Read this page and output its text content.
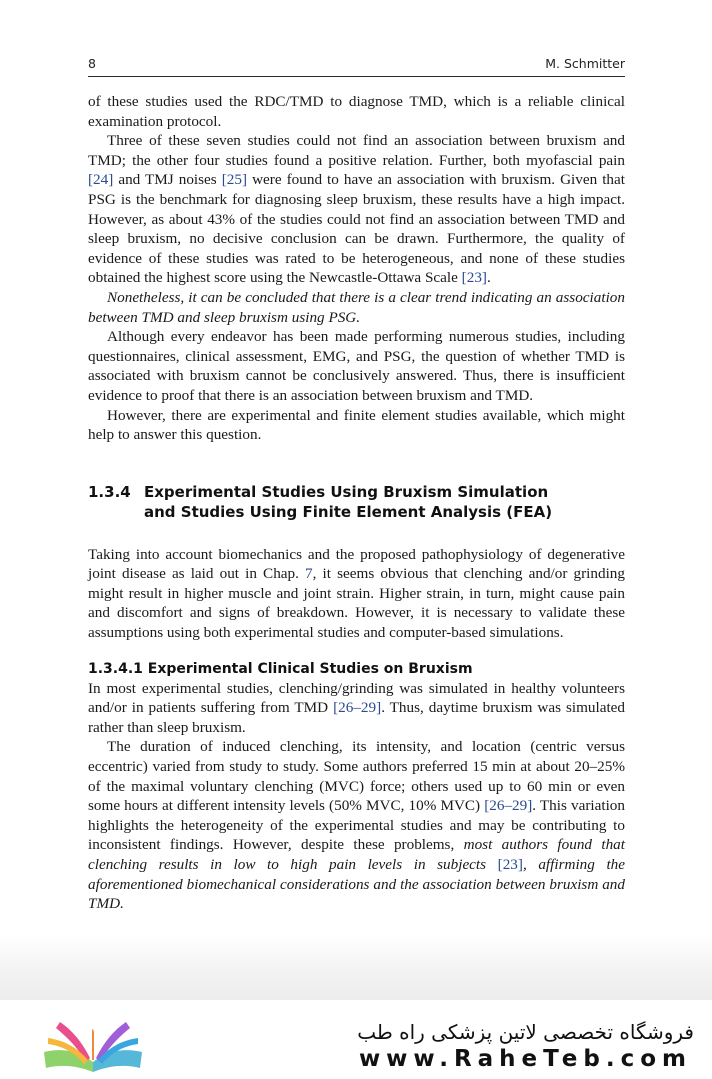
8	M. Schmitter

of these studies used the RDC/TMD to diagnose TMD, which is a reliable clinical examination protocol.

Three of these seven studies could not find an association between bruxism and TMD; the other four studies found a positive relation. Further, both myofascial pain [24] and TMJ noises [25] were found to have an association with bruxism. Given that PSG is the benchmark for diagnosing sleep bruxism, these results have a high impact. However, as about 43% of the studies could not find an association between TMD and sleep bruxism, no decisive conclusion can be drawn. Furthermore, the quality of evidence of these studies was rated to be heterogeneous, and none of these studies obtained the highest score using the Newcastle-Ottawa Scale [23].

Nonetheless, it can be concluded that there is a clear trend indicating an association between TMD and sleep bruxism using PSG.

Although every endeavor has been made performing numerous studies, including questionnaires, clinical assessment, EMG, and PSG, the question of whether TMD is associated with bruxism cannot be conclusively answered. Thus, there is insufficient evidence to proof that there is an association between bruxism and TMD.

However, there are experimental and finite element studies available, which might help to answer this question.

1.3.4 Experimental Studies Using Bruxism Simulation
and Studies Using Finite Element Analysis (FEA)

Taking into account biomechanics and the proposed pathophysiology of degenerative joint disease as laid out in Chap. 7, it seems obvious that clenching and/or grinding might result in higher muscle and joint strain. Higher strain, in turn, might cause pain and discomfort and signs of breakdown. However, it is necessary to validate these assumptions using both experimental studies and computer-based simulations.

1.3.4.1 Experimental Clinical Studies on Bruxism

In most experimental studies, clenching/grinding was simulated in healthy volunteers and/or in patients suffering from TMD [26–29]. Thus, daytime bruxism was simulated rather than sleep bruxism.

The duration of induced clenching, its intensity, and location (centric versus eccentric) varied from study to study. Some authors preferred 15 min at about 20–25% of the maximal voluntary clenching (MVC) force; others used up to 60 min or even some hours at different intensity levels (50% MVC, 10% MVC) [26–29]. This variation highlights the heterogeneity of the experimental studies and may be contributing to inconsistent findings. However, despite these problems, most authors found that clenching results in low to high pain levels in subjects [23], affirming the aforementioned biomechanical considerations and the association between bruxism and TMD.

فروشگاه تخصصی لاتین پزشکی راه طب
www.RaheTeb.com
